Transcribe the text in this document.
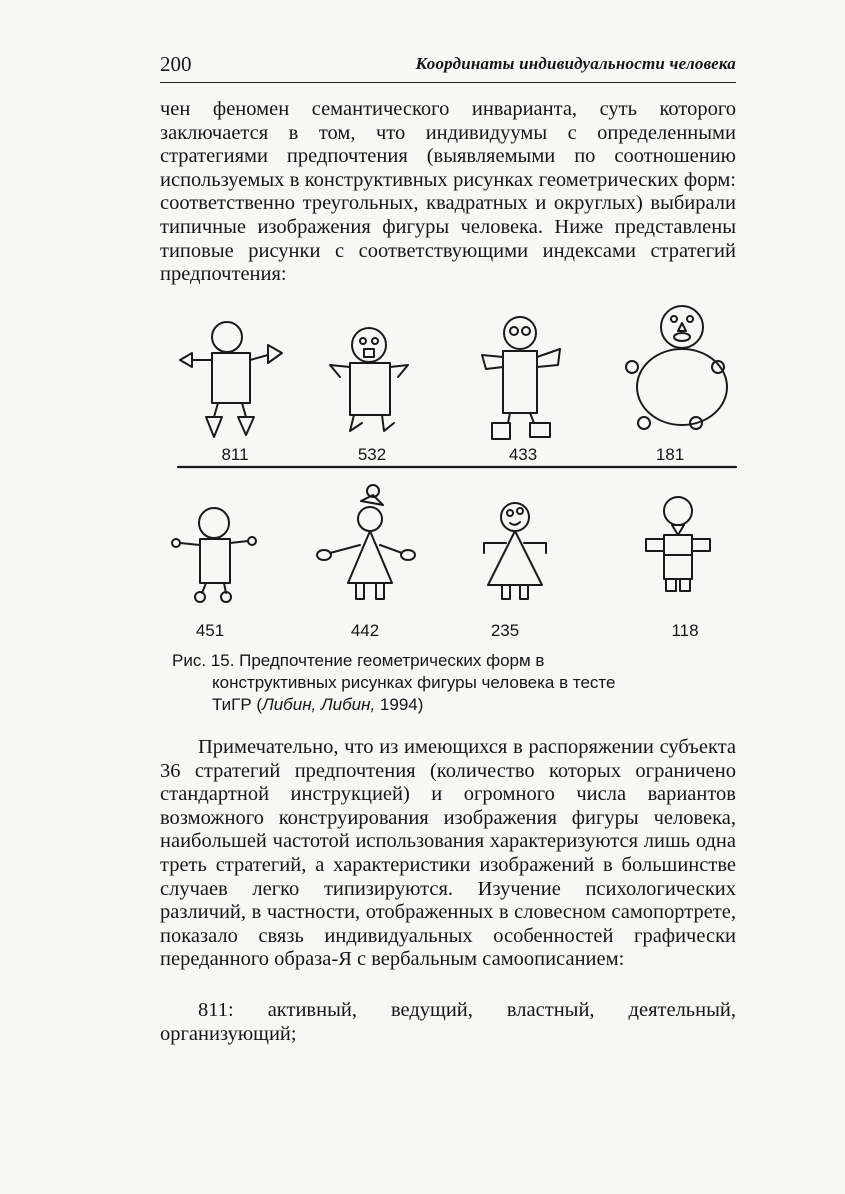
200	Координаты индивидуальности человека

чен феномен семантического инварианта, суть которого заключается в том, что индивидуумы с определенными стратегиями предпочтения (выявляемыми по соотношению используемых в конструктивных рисунках геометрических форм: соответственно треугольных, квадратных и округлых) выбирали типичные изображения фигуры человека. Ниже представлены типовые рисунки с соответствующими индексами стратегий предпочтения:

811	532	433	181
451	442	235	118

Рис. 15. Предпочтение геометрических форм в
конструктивных рисунках фигуры человека в тесте
ТиГР (Либин, Либин, 1994)

Примечательно, что из имеющихся в распоряжении субъекта 36 стратегий предпочтения (количество которых ограничено стандартной инструкцией) и огромного числа вариантов возможного конструирования изображения фигуры человека, наибольшей частотой использования характеризуются лишь одна треть стратегий, а характеристики изображений в большинстве случаев легко типизируются. Изучение психологических различий, в частности, отображенных в словесном самопортрете, показало связь индивидуальных особенностей графически переданного образа-Я с вербальным самоописанием:

811: активный, ведущий, властный, деятельный, организующий;
